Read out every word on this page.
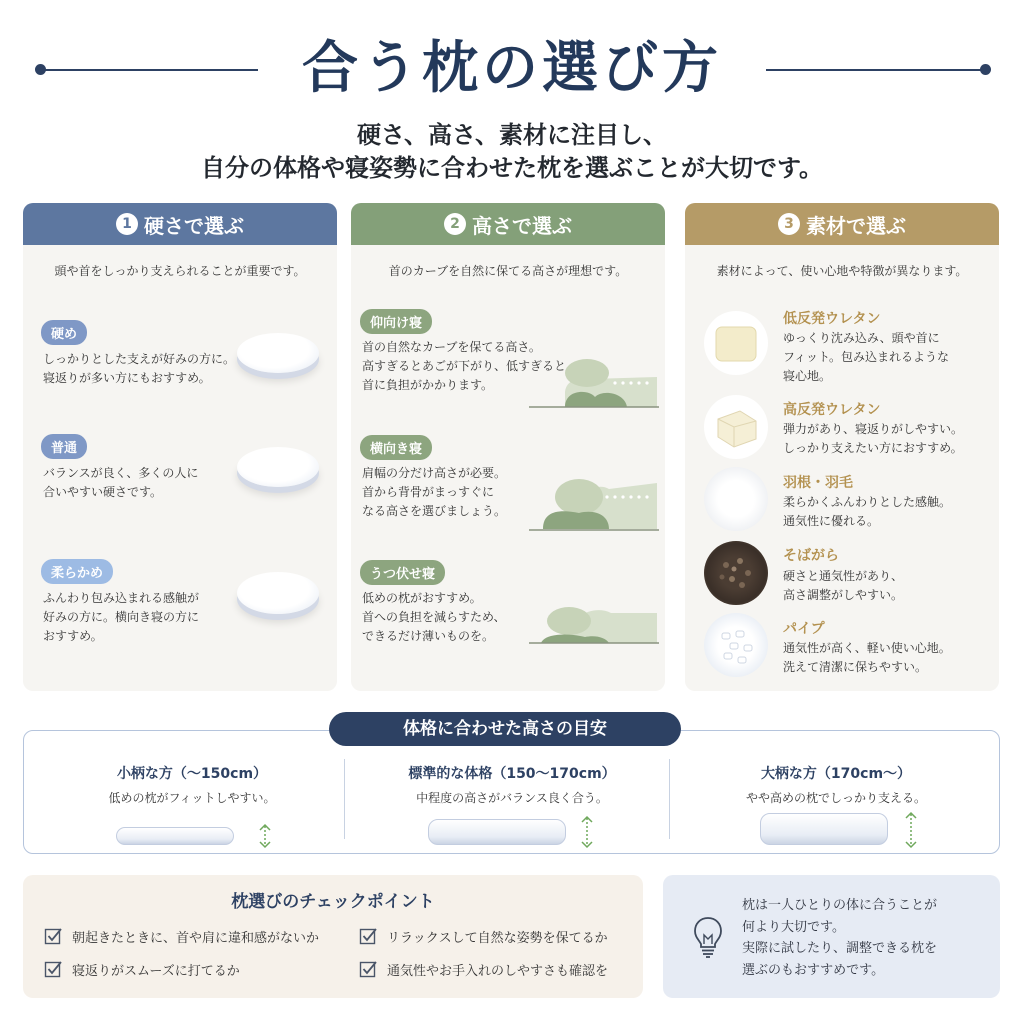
合う枕の選び方
硬さ、高さ、素材に注目し、
自分の体格や寝姿勢に合わせた枕を選ぶことが大切です。
1 硬さで選ぶ
頭や首をしっかり支えられることが重要です。
硬め
しっかりとした支えが好みの方に。
寝返りが多い方にもおすすめ。
普通
バランスが良く、多くの人に
合いやすい硬さです。
柔らかめ
ふんわり包み込まれる感触が
好みの方に。横向き寝の方に
おすすめ。
2 高さで選ぶ
首のカーブを自然に保てる高さが理想です。
仰向け寝
首の自然なカーブを保てる高さ。
高すぎるとあごが下がり、低すぎると
首に負担がかかります。
横向き寝
肩幅の分だけ高さが必要。
首から背骨がまっすぐに
なる高さを選びましょう。
うつ伏せ寝
低めの枕がおすすめ。
首への負担を減らすため、
できるだけ薄いものを。
3 素材で選ぶ
素材によって、使い心地や特徴が異なります。
低反発ウレタン
ゆっくり沈み込み、頭や首に
フィット。包み込まれるような
寝心地。
高反発ウレタン
弾力があり、寝返りがしやすい。
しっかり支えたい方におすすめ。
羽根・羽毛
柔らかくふんわりとした感触。
通気性に優れる。
そばがら
硬さと通気性があり、
高さ調整がしやすい。
パイプ
通気性が高く、軽い使い心地。
洗えて清潔に保ちやすい。
小柄な方（～150cm）
低めの枕がフィットしやすい。
標準的な体格（150～170cm）
中程度の高さがバランス良く合う。
大柄な方（170cm～）
やや高めの枕でしっかり支える。
体格に合わせた高さの目安
枕選びのチェックポイント
朝起きたときに、首や肩に違和感がないか	リラックスして自然な姿勢を保てるか
寝返りがスムーズに打てるか	通気性やお手入れのしやすさも確認を
枕は一人ひとりの体に合うことが
何より大切です。
実際に試したり、調整できる枕を
選ぶのもおすすめです。
